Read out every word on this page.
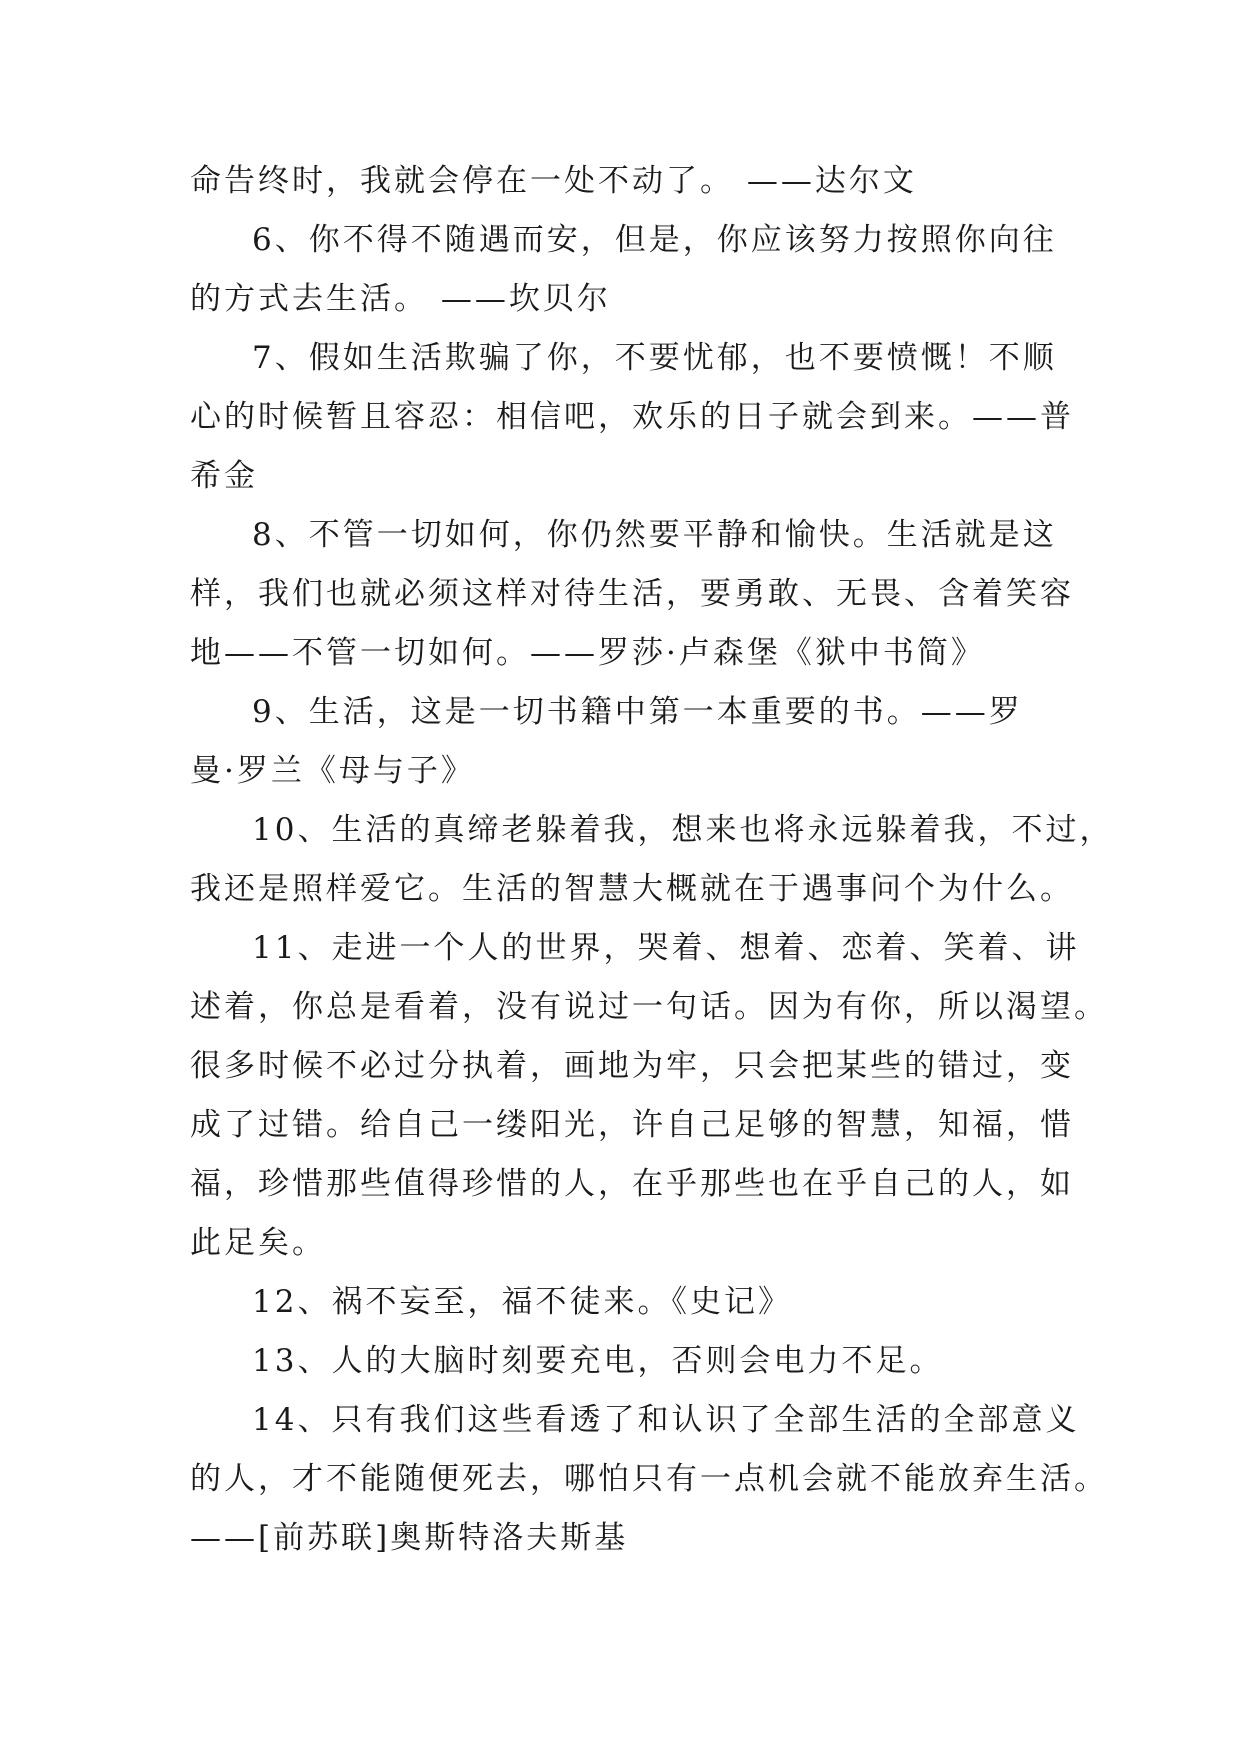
命告终时，我就会停在一处不动了。 ——达尔文
6、你不得不随遇而安，但是，你应该努力按照你向往
的方式去生活。 ——坎贝尔
7、假如生活欺骗了你，不要忧郁，也不要愤慨！不顺
心的时候暂且容忍：相信吧，欢乐的日子就会到来。——普
希金
8、不管一切如何，你仍然要平静和愉快。生活就是这
样，我们也就必须这样对待生活，要勇敢、无畏、含着笑容
地——不管一切如何。——罗莎·卢森堡《狱中书简》
9、生活，这是一切书籍中第一本重要的书。——罗
曼·罗兰《母与子》
10、生活的真缔老躲着我，想来也将永远躲着我，不过，
我还是照样爱它。生活的智慧大概就在于遇事问个为什么。
11、走进一个人的世界，哭着、想着、恋着、笑着、讲
述着，你总是看着，没有说过一句话。因为有你，所以渴望。
很多时候不必过分执着，画地为牢，只会把某些的错过，变
成了过错。给自己一缕阳光，许自己足够的智慧，知福，惜
福，珍惜那些值得珍惜的人，在乎那些也在乎自己的人，如
此足矣。
12、祸不妄至，福不徒来。《史记》
13、人的大脑时刻要充电，否则会电力不足。
14、只有我们这些看透了和认识了全部生活的全部意义
的人，才不能随便死去，哪怕只有一点机会就不能放弃生活。
——[前苏联]奥斯特洛夫斯基
